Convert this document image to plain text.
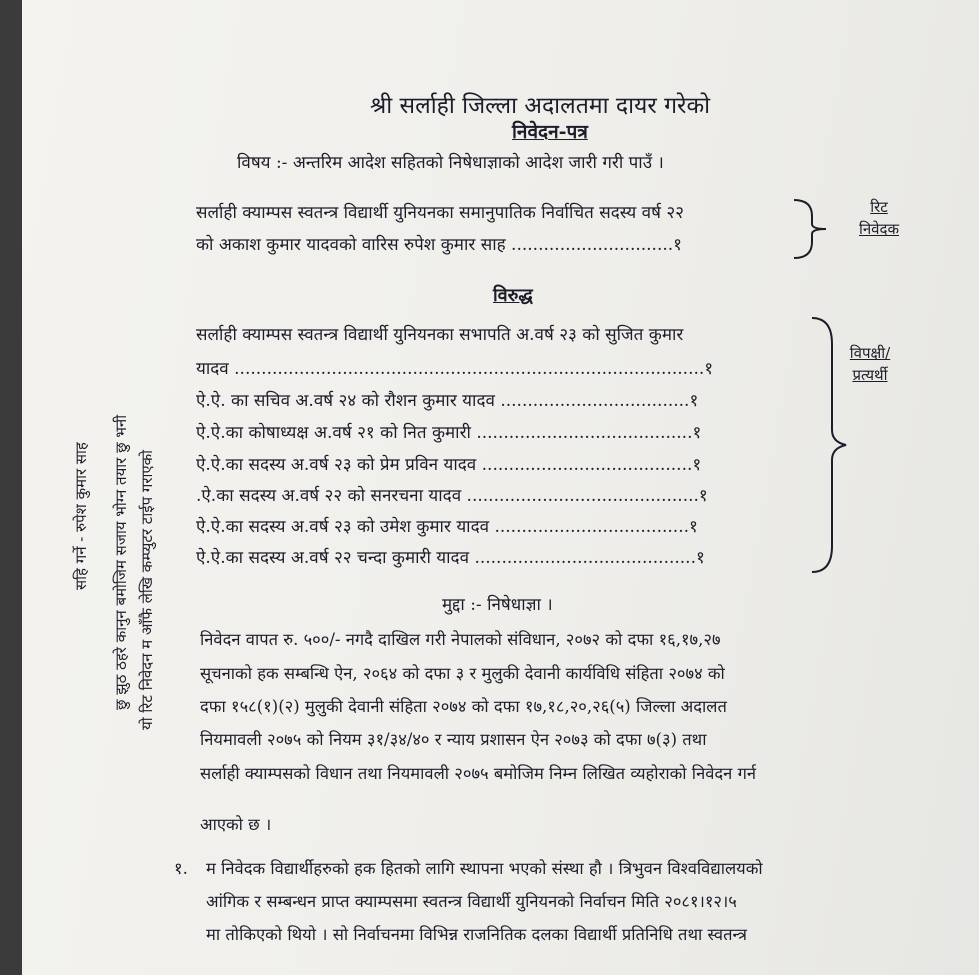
श्री सर्लाही जिल्ला अदालतमा दायर गरेको
निवेदन-पत्र
विषय :- अन्तरिम आदेश सहितको निषेधाज्ञाको आदेश जारी गरी पाउँ ।
सर्लाही क्याम्पस स्वतन्त्र विद्यार्थी युनियनका समानुपातिक निर्वाचित सदस्य वर्ष २२
को अकाश कुमार यादवको वारिस रुपेश कुमार साह ..............................१
रिट
निवेदक
विरुद्ध
सर्लाही क्याम्पस स्वतन्त्र विद्यार्थी युनियनका सभापति अ.वर्ष २३ को सुजित कुमार
यादव .......................................................................................१
ऐ.ऐ. का सचिव अ.वर्ष २४ को रौशन कुमार यादव ...................................१
ऐ.ऐ.का कोषाध्यक्ष अ.वर्ष २१ को नित कुमारी ........................................१
ऐ.ऐ.का सदस्य अ.वर्ष २३ को प्रेम प्रविन यादव .......................................१
.ऐ.का सदस्य अ.वर्ष २२ को सनरचना यादव ...........................................१
ऐ.ऐ.का सदस्य अ.वर्ष २३ को उमेश कुमार यादव ....................................१
ऐ.ऐ.का सदस्य अ.वर्ष २२ चन्दा कुमारी यादव .........................................१
विपक्षी/
प्रत्यर्थी
मुद्दा :- निषेधाज्ञा ।
निवेदन वापत रु. ५००/- नगदै दाखिल गरी नेपालको संविधान, २०७२ को दफा १६,१७,२७
सूचनाको हक सम्बन्धि ऐन, २०६४ को दफा ३ र मुलुकी देवानी कार्यविधि संहिता २०७४ को
दफा १५८(१)(२) मुलुकी देवानी संहिता २०७४ को दफा १७,१८,२०,२६(५) जिल्ला अदालत
नियमावली २०७५ को नियम ३१/३४/४० र न्याय प्रशासन ऐन २०७३ को दफा ७(३) तथा
सर्लाही क्याम्पसको विधान तथा नियमावली २०७५ बमोजिम निम्न लिखित व्यहोराको निवेदन गर्न
आएको छ ।
१. म निवेदक विद्यार्थीहरुको हक हितको लागि स्थापना भएको संस्था हौ । त्रिभुवन विश्वविद्यालयको
आंगिक र सम्बन्धन प्राप्त क्याम्पसमा स्वतन्त्र विद्यार्थी युनियनको निर्वाचन मिति २०८१।१२।५
मा तोकिएको थियो । सो निर्वाचनमा विभिन्न राजनितिक दलका विद्यार्थी प्रतिनिधि तथा स्वतन्त्र
यो रिट निवेदन म आँफै लेखि कम्प्युटर टाईप गराएको
छु झुठ ठहरे कानुन बमोजिम सजाय भोग्न तयार छु भनी
सहि गर्ने - रुपेश कुमार साह
